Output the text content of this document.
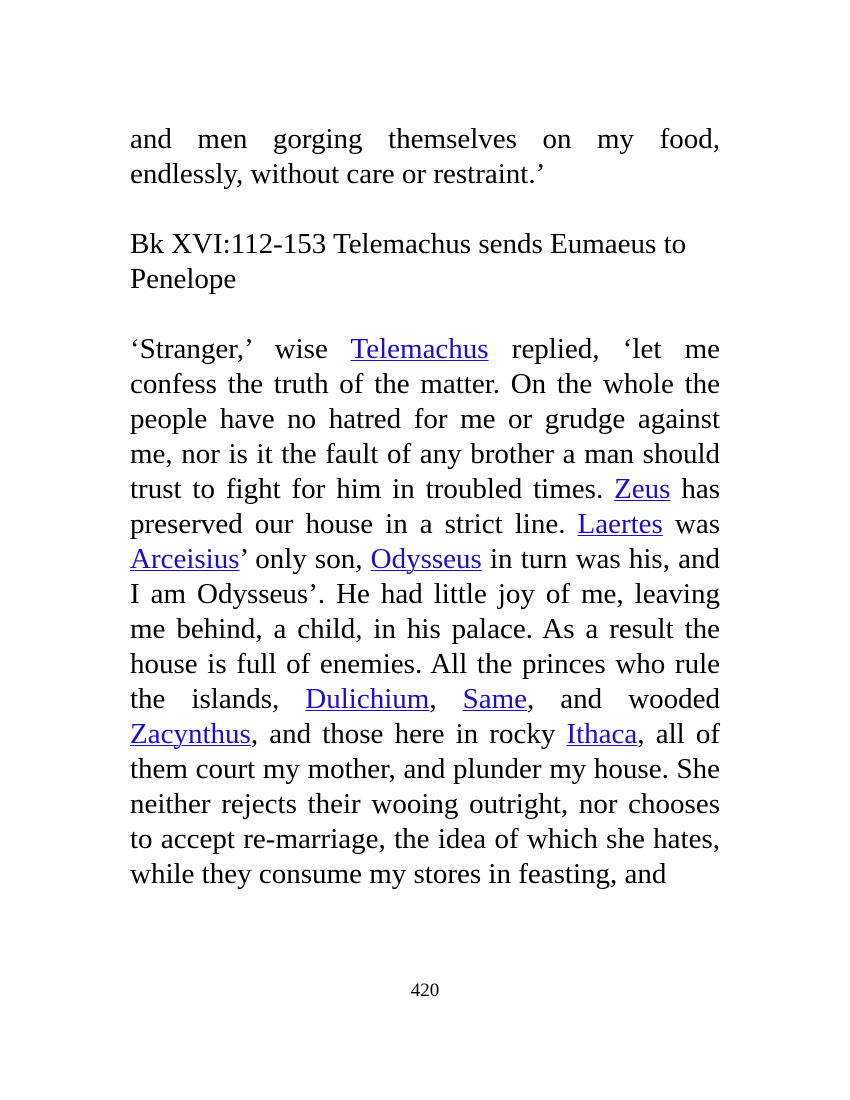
and men gorging themselves on my food, endlessly, without care or restraint.’

Bk XVI:112-153 Telemachus sends Eumaeus to Penelope

‘Stranger,’ wise Telemachus replied, ‘let me confess the truth of the matter. On the whole the people have no hatred for me or grudge against me, nor is it the fault of any brother a man should trust to fight for him in troubled times. Zeus has preserved our house in a strict line. Laertes was Arceisius’ only son, Odysseus in turn was his, and I am Odysseus’. He had little joy of me, leaving me behind, a child, in his palace. As a result the house is full of enemies. All the princes who rule the islands, Dulichium, Same, and wooded Zacynthus, and those here in rocky Ithaca, all of them court my mother, and plunder my house. She neither rejects their wooing outright, nor chooses to accept re-marriage, the idea of which she hates, while they consume my stores in feasting, and

420
